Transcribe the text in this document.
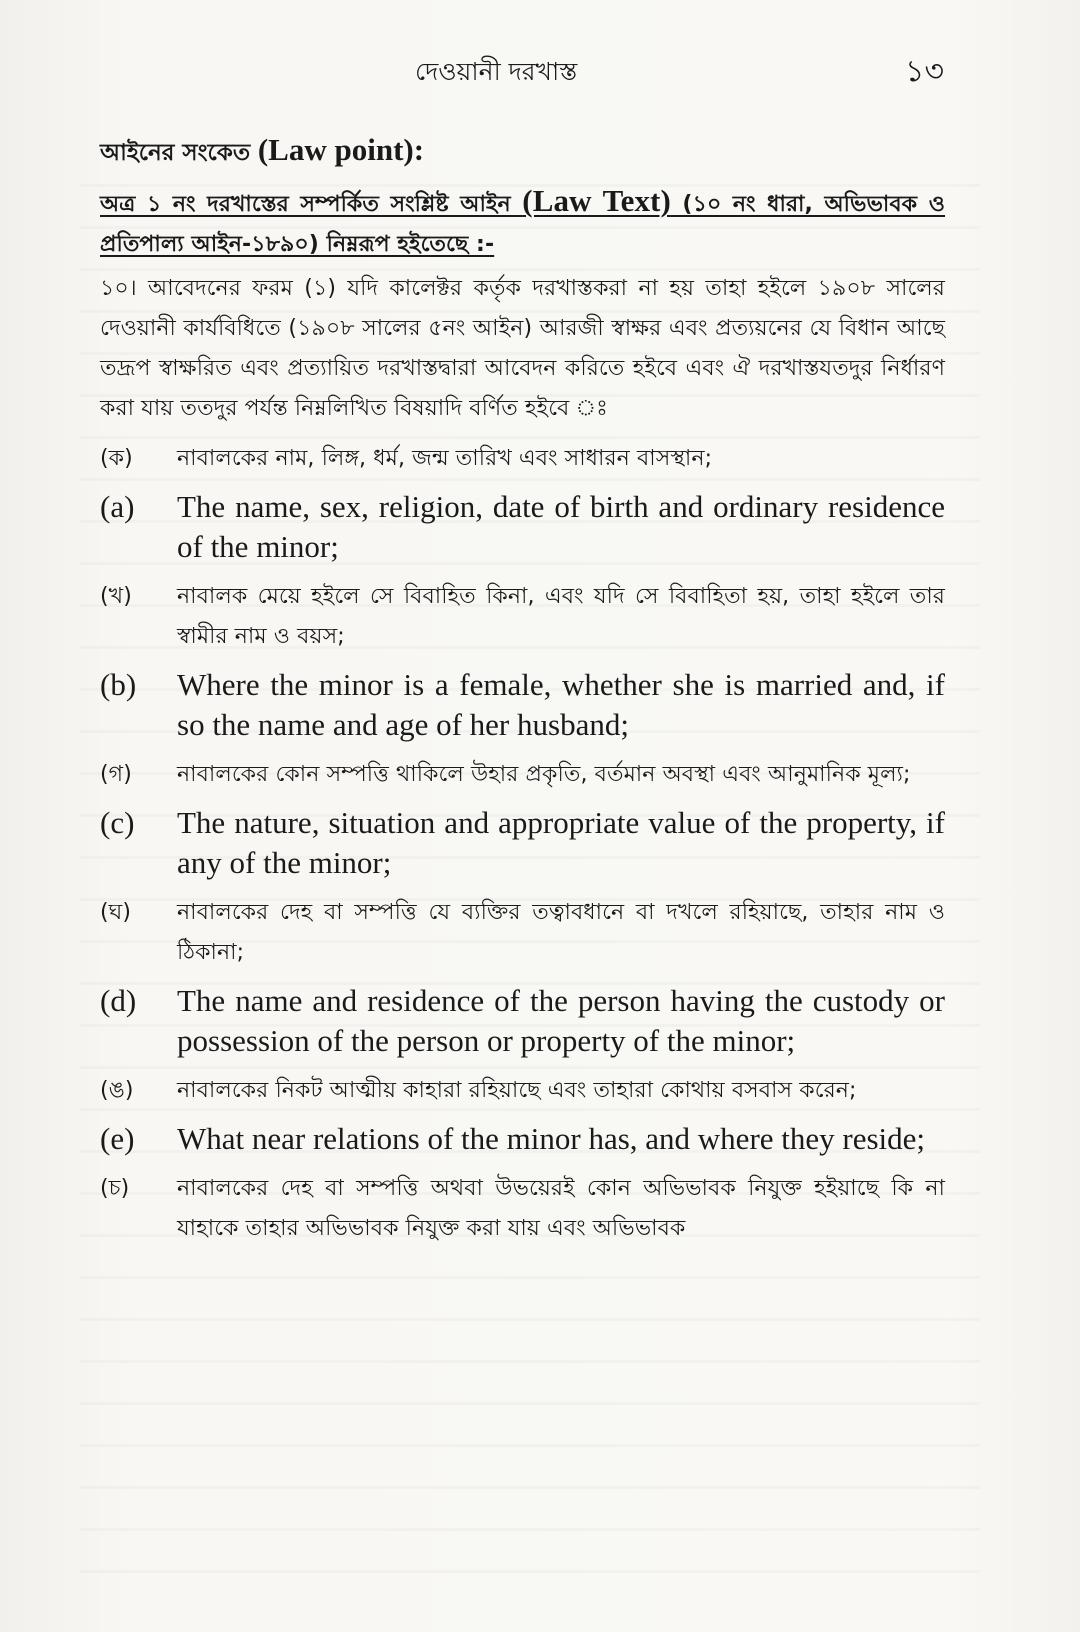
দেওয়ানী দরখাস্ত	১৩
আইনের সংকেত (Law point):
অত্র ১ নং দরখাস্তের সম্পর্কিত সংশ্লিষ্ট আইন (Law Text) (১০ নং ধারা, অভিভাবক ও প্রতিপাল্য আইন-১৮৯০) নিম্নরূপ হইতেছে :-
১০। আবেদনের ফরম (১) যদি কালেক্টর কর্তৃক দরখাস্তকরা না হয় তাহা হইলে ১৯০৮ সালের দেওয়ানী কার্যবিধিতে (১৯০৮ সালের ৫নং আইন) আরজী স্বাক্ষর এবং প্রত্যয়নের যে বিধান আছে তদ্রূপ স্বাক্ষরিত এবং প্রত্যায়িত দরখাস্তদ্বারা আবেদন করিতে হইবে এবং ঐ দরখাস্তযতদুর নির্ধারণ করা যায় ততদুর পর্যন্ত নিম্নলিখিত বিষয়াদি বর্ণিত হইবে ঃ
(ক)	নাবালকের নাম, লিঙ্গ, ধর্ম, জন্ম তারিখ এবং সাধারন বাসস্থান;
(a)	The name, sex, religion, date of birth and ordinary residence of the minor;
(খ)	নাবালক মেয়ে হইলে সে বিবাহিত কিনা, এবং যদি সে বিবাহিতা হয়, তাহা হইলে তার স্বামীর নাম ও বয়স;
(b)	Where the minor is a female, whether she is married and, if so the name and age of her husband;
(গ)	নাবালকের কোন সম্পত্তি থাকিলে উহার প্রকৃতি, বর্তমান অবস্থা এবং আনুমানিক মূল্য;
(c)	The nature, situation and appropriate value of the property, if any of the minor;
(ঘ)	নাবালকের দেহ বা সম্পত্তি যে ব্যক্তির তত্বাবধানে বা দখলে রহিয়াছে, তাহার নাম ও ঠিকানা;
(d)	The name and residence of the person having the custody or possession of the person or property of the minor;
(ঙ)	নাবালকের নিকট আত্মীয় কাহারা রহিয়াছে এবং তাহারা কোথায় বসবাস করেন;
(e)	What near relations of the minor has, and where they reside;
(চ)	নাবালকের দেহ বা সম্পত্তি অথবা উভয়েরই কোন অভিভাবক নিযুক্ত হইয়াছে কি না যাহাকে তাহার অভিভাবক নিযুক্ত করা যায় এবং অভিভাবক
